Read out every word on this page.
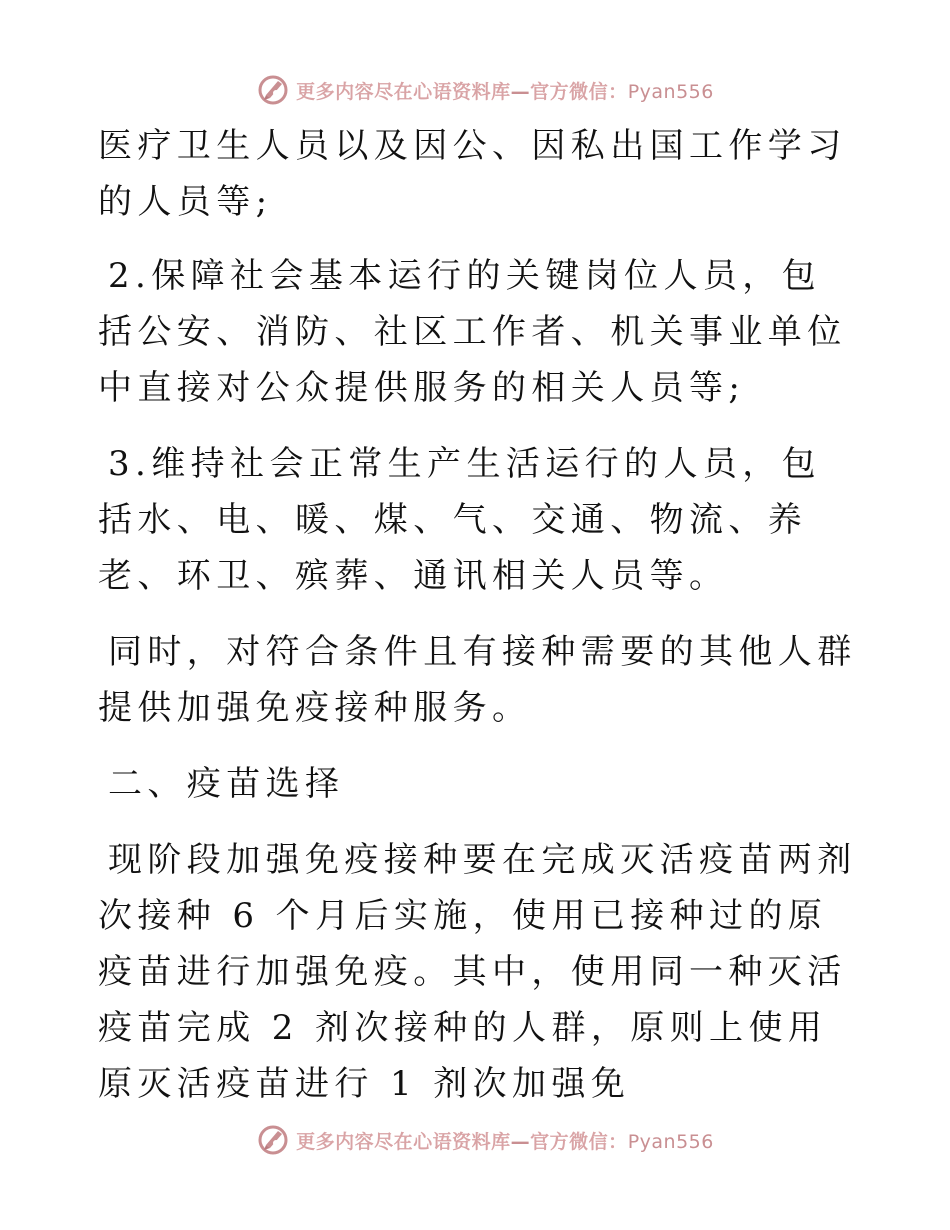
更多内容尽在心语资料库—官方微信：Pyan556

医疗卫生人员以及因公、因私出国工作学习的人员等;

2.保障社会基本运行的关键岗位人员，包括公安、消防、社区工作者、机关事业单位中直接对公众提供服务的相关人员等;

3.维持社会正常生产生活运行的人员，包括水、电、暖、煤、气、交通、物流、养老、环卫、殡葬、通讯相关人员等。

同时，对符合条件且有接种需要的其他人群提供加强免疫接种服务。

二、疫苗选择

现阶段加强免疫接种要在完成灭活疫苗两剂次接种 6 个月后实施，使用已接种过的原疫苗进行加强免疫。其中，使用同一种灭活疫苗完成 2 剂次接种的人群，原则上使用原灭活疫苗进行 1 剂次加强免

更多内容尽在心语资料库—官方微信：Pyan556
